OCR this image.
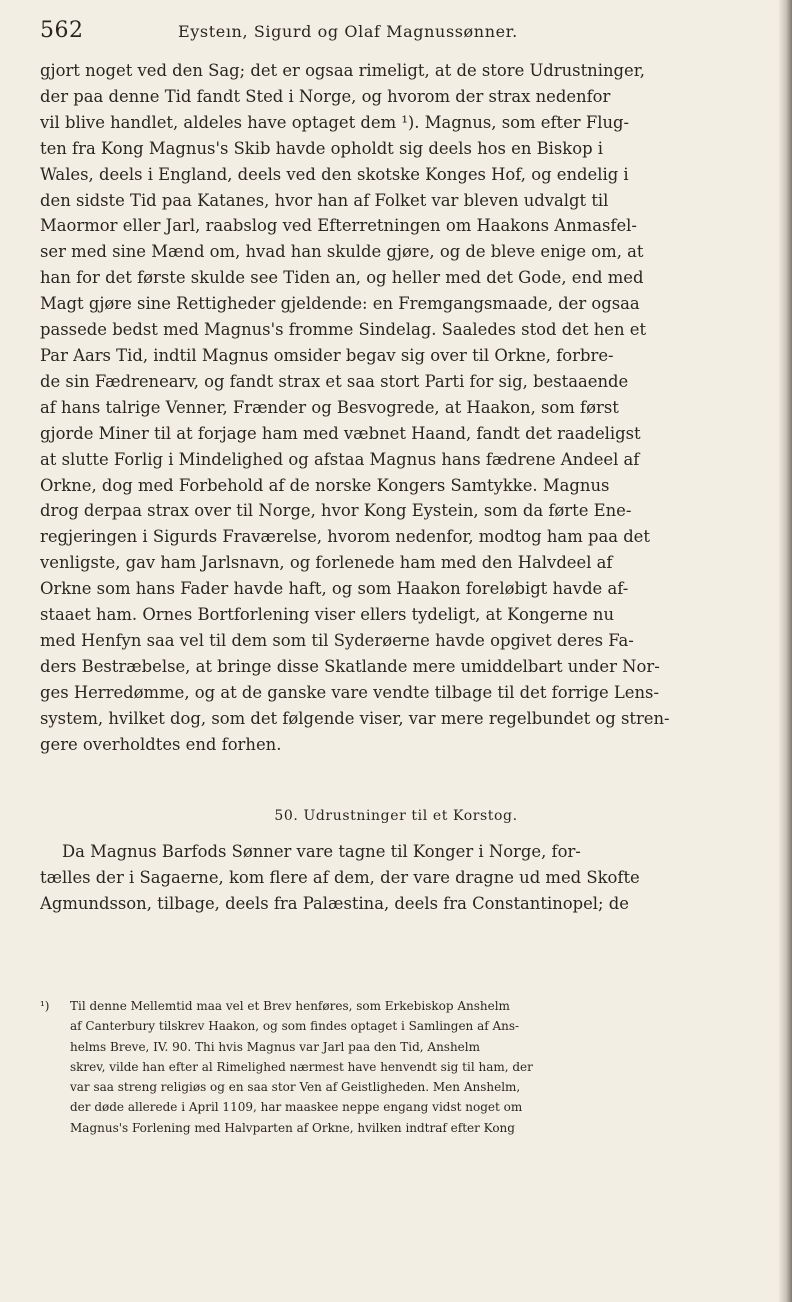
562	Eysteın, Sigurd og Olaf Magnussønner.
gjort noget ved den Sag; det er ogsaa rimeligt, at de store Udrustninger,
der paa denne Tid fandt Sted i Norge, og hvorom der strax nedenfor
vil blive handlet, aldeles have optaget dem ¹). Magnus, som efter Flug-
ten fra Kong Magnus's Skib havde opholdt sig deels hos en Biskop i
Wales, deels i England, deels ved den skotske Konges Hof, og endelig i
den sidste Tid paa Katanes, hvor han af Folket var bleven udvalgt til
Maormor eller Jarl, raabslog ved Efterretningen om Haakons Anmasfel-
ser med sine Mænd om, hvad han skulde gjøre, og de bleve enige om, at
han for det første skulde see Tiden an, og heller med det Gode, end med
Magt gjøre sine Rettigheder gjeldende: en Fremgangsmaade, der ogsaa
passede bedst med Magnus's fromme Sindelag. Saaledes stod det hen et
Par Aars Tid, indtil Magnus omsider begav sig over til Orkne, forbre-
de sin Fædrenearv, og fandt strax et saa stort Parti for sig, bestaaende
af hans talrige Venner, Frænder og Besvogrede, at Haakon, som først
gjorde Miner til at forjage ham med væbnet Haand, fandt det raadeligst
at slutte Forlig i Mindelighed og afstaa Magnus hans fædrene Andeel af
Orkne, dog med Forbehold af de norske Kongers Samtykke. Magnus
drog derpaa strax over til Norge, hvor Kong Eystein, som da førte Ene-
regjeringen i Sigurds Fraværelse, hvorom nedenfor, modtog ham paa det
venligste, gav ham Jarlsnavn, og forlenede ham med den Halvdeel af
Orkne som hans Fader havde haft, og som Haakon foreløbigt havde af-
staaet ham. Ornes Bortforlening viser ellers tydeligt, at Kongerne nu
med Henfyn saa vel til dem som til Syderøerne havde opgivet deres Fa-
ders Bestræbelse, at bringe disse Skatlande mere umiddelbart under Nor-
ges Herredømme, og at de ganske vare vendte tilbage til det forrige Lens-
system, hvilket dog, som det følgende viser, var mere regelbundet og stren-
gere overholdtes end forhen.
50. Udrustninger til et Korstog.
Da Magnus Barfods Sønner vare tagne til Konger i Norge, for-
tælles der i Sagaerne, kom flere af dem, der vare dragne ud med Skofte
Agmundsson, tilbage, deels fra Palæstina, deels fra Constantinopel; de
¹) Til denne Mellemtid maa vel et Brev henføres, som Erkebiskop Anshelm
af Canterbury tilskrev Haakon, og som findes optaget i Samlingen af Ans-
helms Breve, IV. 90. Thi hvis Magnus var Jarl paa den Tid, Anshelm
skrev, vilde han efter al Rimelighed nærmest have henvendt sig til ham, der
var saa streng religiøs og en saa stor Ven af Geistligheden. Men Anshelm,
der døde allerede i April 1109, har maaskee neppe engang vidst noget om
Magnus's Forlening med Halvparten af Orkne, hvilken indtraf efter Kong
